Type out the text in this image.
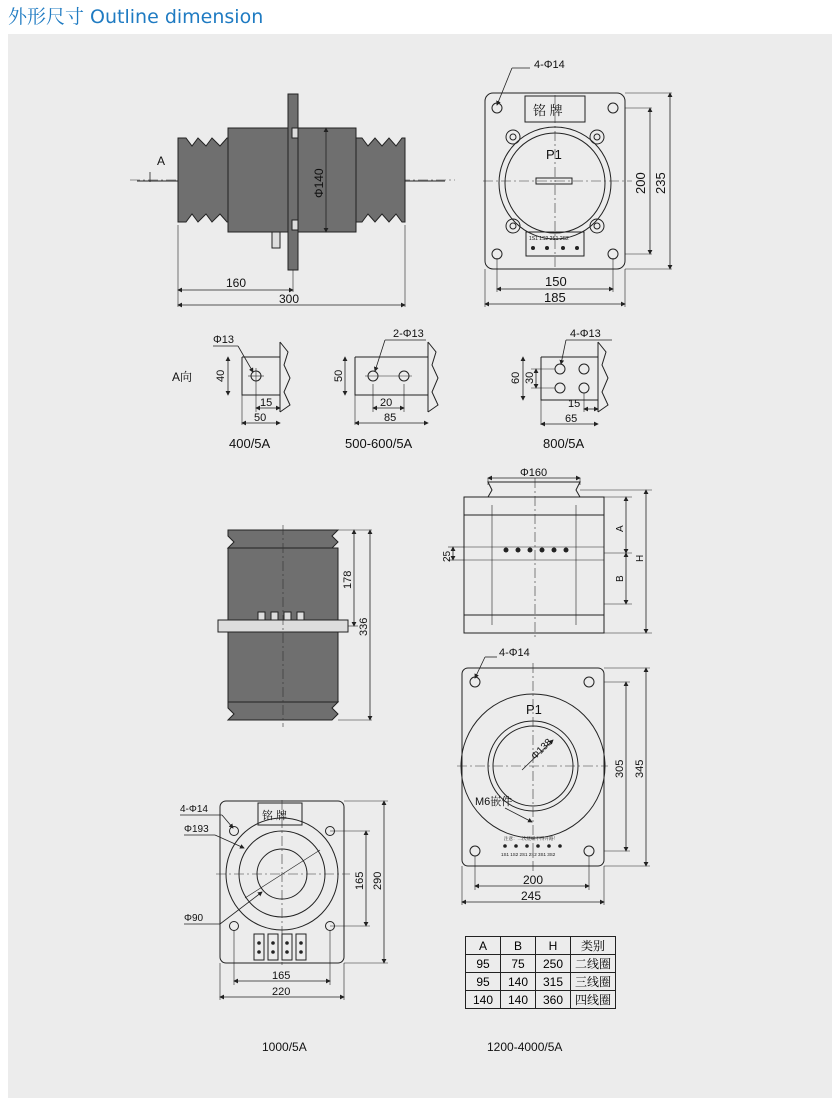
外形尺寸 Outline dimension
A
Φ140
160
300
铭 牌
P1
1S1 1S2 2S1 2S2
4-Φ14
200 235
150
185
A向
Φ13
40
15
50
400/5A
2-Φ13
50
20
85
500-600/5A
4-Φ13
60 30
15
65
800/5A
178
336
Φ160
25
A
B
H
P1
Φ138
M6嵌件
注意：二次绕组不得开路！
1S1 1S2 2S1 2S2 3S1 3S2
4-Φ14
305 345
200
245
铭 牌
4-Φ14
Φ193
Φ90
165 290
165
220
A	B	H	类别
95	75	250	二线圈
95	140	315	三线圈
140	140	360	四线圈
1000/5A	1200-4000/5A
